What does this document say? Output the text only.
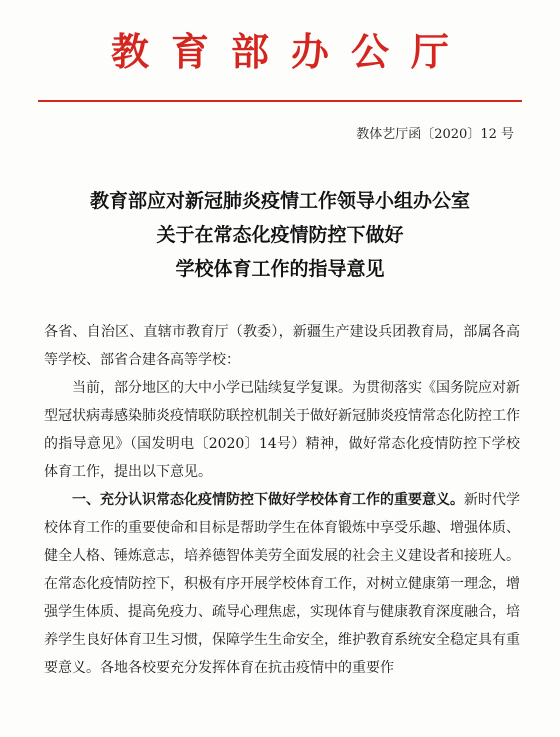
教育部办公厅
教体艺厅函〔2020〕12 号
教育部应对新冠肺炎疫情工作领导小组办公室
关于在常态化疫情防控下做好
学校体育工作的指导意见

各省、自治区、直辖市教育厅（教委），新疆生产建设兵团教育局，部属各高等学校、部省合建各高等学校：

当前，部分地区的大中小学已陆续复学复课。为贯彻落实《国务院应对新型冠状病毒感染肺炎疫情联防联控机制关于做好新冠肺炎疫情常态化防控工作的指导意见》（国发明电〔2020〕14号）精神，做好常态化疫情防控下学校体育工作，提出以下意见。

一、充分认识常态化疫情防控下做好学校体育工作的重要意义。新时代学校体育工作的重要使命和目标是帮助学生在体育锻炼中享受乐趣、增强体质、健全人格、锤炼意志，培养德智体美劳全面发展的社会主义建设者和接班人。在常态化疫情防控下，积极有序开展学校体育工作，对树立健康第一理念，增强学生体质、提高免疫力、疏导心理焦虑，实现体育与健康教育深度融合，培养学生良好体育卫生习惯，保障学生生命安全，维护教育系统安全稳定具有重要意义。各地各校要充分发挥体育在抗击疫情中的重要作
